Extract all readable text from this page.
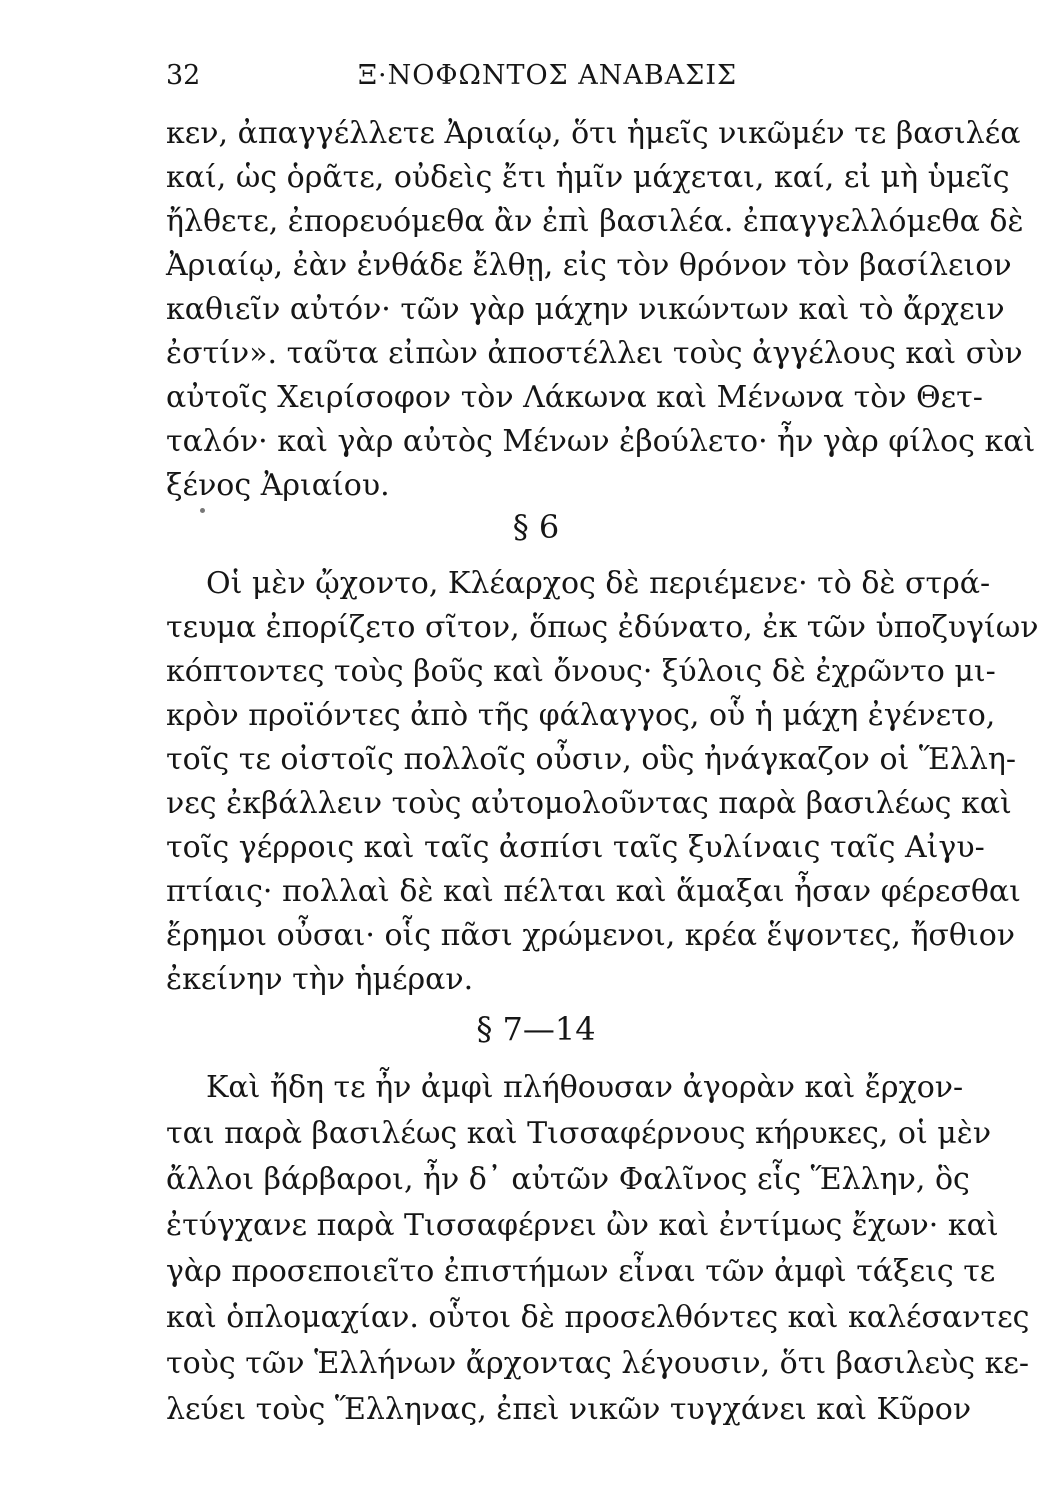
32	Ξ·ΝΟΦΩΝΤΟΣ ΑΝΑΒΑΣΙΣ
κεν, ἀπαγγέλλετε Ἀριαίῳ, ὅτι ἡμεῖς νικῶμέν τε βασιλέα
καί, ὡς ὁρᾶτε, οὐδεὶς ἔτι ἡμῖν μάχεται, καί, εἰ μὴ ὑμεῖς
ἤλθετε, ἐπορευόμεθα ἂν ἐπὶ βασιλέα. ἐπαγγελλόμεθα δὲ
Ἀριαίῳ, ἐὰν ἐνθάδε ἔλθῃ, εἰς τὸν θρόνον τὸν βασίλειον
καθιεῖν αὐτόν· τῶν γὰρ μάχην νικώντων καὶ τὸ ἄρχειν
ἐστίν». ταῦτα εἰπὼν ἀποστέλλει τοὺς ἀγγέλους καὶ σὺν
αὐτοῖς Χειρίσοφον τὸν Λάκωνα καὶ Μένωνα τὸν Θετ-
ταλόν· καὶ γὰρ αὐτὸς Μένων ἐβούλετο· ἦν γὰρ φίλος καὶ
ξένος Ἀριαίου.
§ 6
Οἱ μὲν ᾤχοντο, Κλέαρχος δὲ περιέμενε· τὸ δὲ στρά-
τευμα ἐπορίζετο σῖτον, ὅπως ἐδύνατο, ἐκ τῶν ὑποζυγίων
κόπτοντες τοὺς βοῦς καὶ ὄνους· ξύλοις δὲ ἐχρῶντο μι-
κρὸν προϊόντες ἀπὸ τῆς φάλαγγος, οὗ ἡ μάχη ἐγένετο,
τοῖς τε οἰστοῖς πολλοῖς οὖσιν, οὓς ἠνάγκαζον οἱ Ἕλλη-
νες ἐκβάλλειν τοὺς αὐτομολοῦντας παρὰ βασιλέως καὶ
τοῖς γέρροις καὶ ταῖς ἀσπίσι ταῖς ξυλίναις ταῖς Αἰγυ-
πτίαις· πολλαὶ δὲ καὶ πέλται καὶ ἅμαξαι ἦσαν φέρεσθαι
ἔρημοι οὖσαι· οἷς πᾶσι χρώμενοι, κρέα ἕψοντες, ἤσθιον
ἐκείνην τὴν ἡμέραν.
§ 7—14
Καὶ ἤδη τε ἦν ἀμφὶ πλήθουσαν ἀγορὰν καὶ ἔρχον-
ται παρὰ βασιλέως καὶ Τισσαφέρνους κήρυκες, οἱ μὲν
ἄλλοι βάρβαροι, ἦν δ᾽ αὐτῶν Φαλῖνος εἷς Ἕλλην, ὃς
ἐτύγχανε παρὰ Τισσαφέρνει ὢν καὶ ἐντίμως ἔχων· καὶ
γὰρ προσεποιεῖτο ἐπιστήμων εἶναι τῶν ἀμφὶ τάξεις τε
καὶ ὁπλομαχίαν. οὗτοι δὲ προσελθόντες καὶ καλέσαντες
τοὺς τῶν Ἑλλήνων ἄρχοντας λέγουσιν, ὅτι βασιλεὺς κε-
λεύει τοὺς Ἕλληνας, ἐπεὶ νικῶν τυγχάνει καὶ Κῦρον
